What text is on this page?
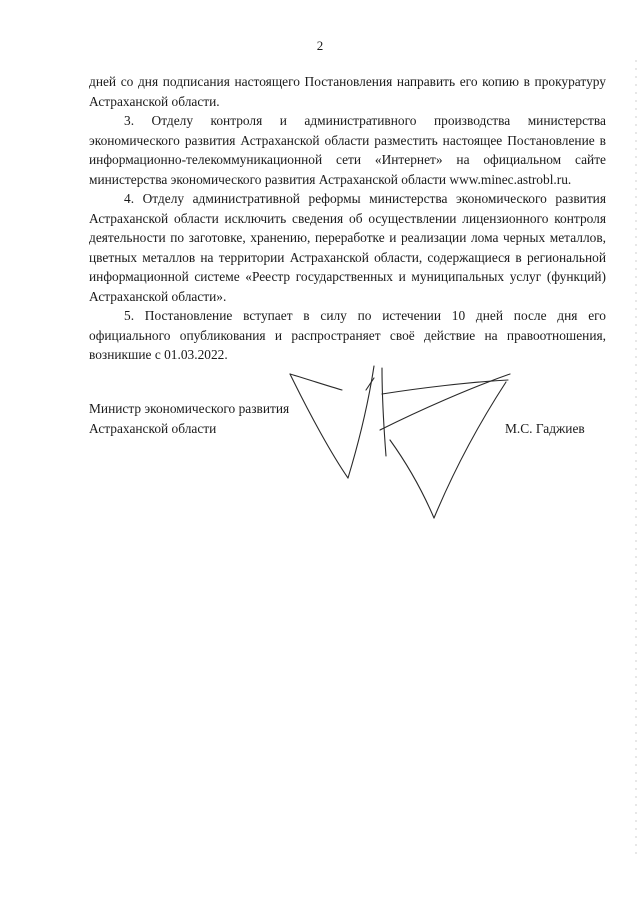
2

дней со дня подписания настоящего Постановления направить его копию в прокуратуру Астраханской области.

3. Отделу контроля и административного производства министерства экономического развития Астраханской области разместить настоящее Постановление в информационно-телекоммуникационной сети «Интернет» на официальном сайте министерства экономического развития Астраханской области www.minec.astrobl.ru.

4. Отделу административной реформы министерства экономического развития Астраханской области исключить сведения об осуществлении лицензионного контроля деятельности по заготовке, хранению, переработке и реализации лома черных металлов, цветных металлов на территории Астраханской области, содержащиеся в региональной информационной системе «Реестр государственных и муниципальных услуг (функций) Астраханской области».

5. Постановление вступает в силу по истечении 10 дней после дня его официального опубликования и распространяет своё действие на правоотношения, возникшие с 01.03.2022.

Министр экономического развития
Астраханской области	М.С. Гаджиев
